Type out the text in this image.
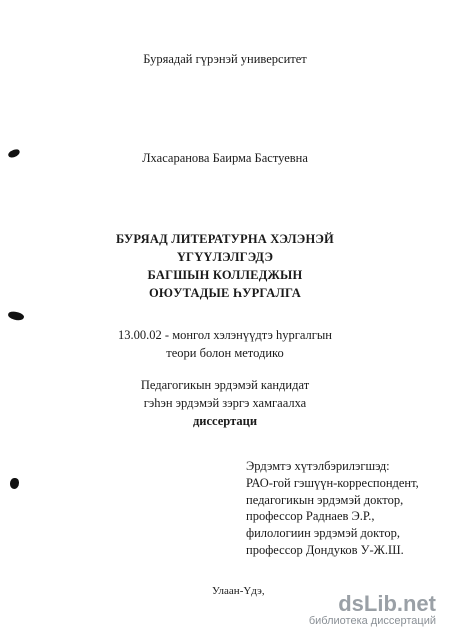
Буряадай гүрэнэй университет
Лхасаранова Баирма Бастуевна
БУРЯАД ЛИТЕРАТУРНА ХЭЛЭНЭЙ
ҮГҮҮЛЭЛГЭДЭ
БАГШЫН КОЛЛЕДЖЫН
ОЮУТАДЫЕ ҺУРГАЛГА
13.00.02 - монгол хэлэнүүдтэ һургалгын
теори болон методико
Педагогикын эрдэмэй кандидат
гэһэн эрдэмэй зэргэ хамгаалха
диссертаци
Эрдэмтэ хүтэлбэрилэгшэд:
РАО-гой гэшүүн-корреспондент,
педагогикын эрдэмэй доктор,
профессор Раднаев Э.Р.,
филологиин эрдэмэй доктор,
профессор Дондуков У-Ж.Ш.
Улаан-Үдэ,	dsLib.net
библиотека диссертаций
